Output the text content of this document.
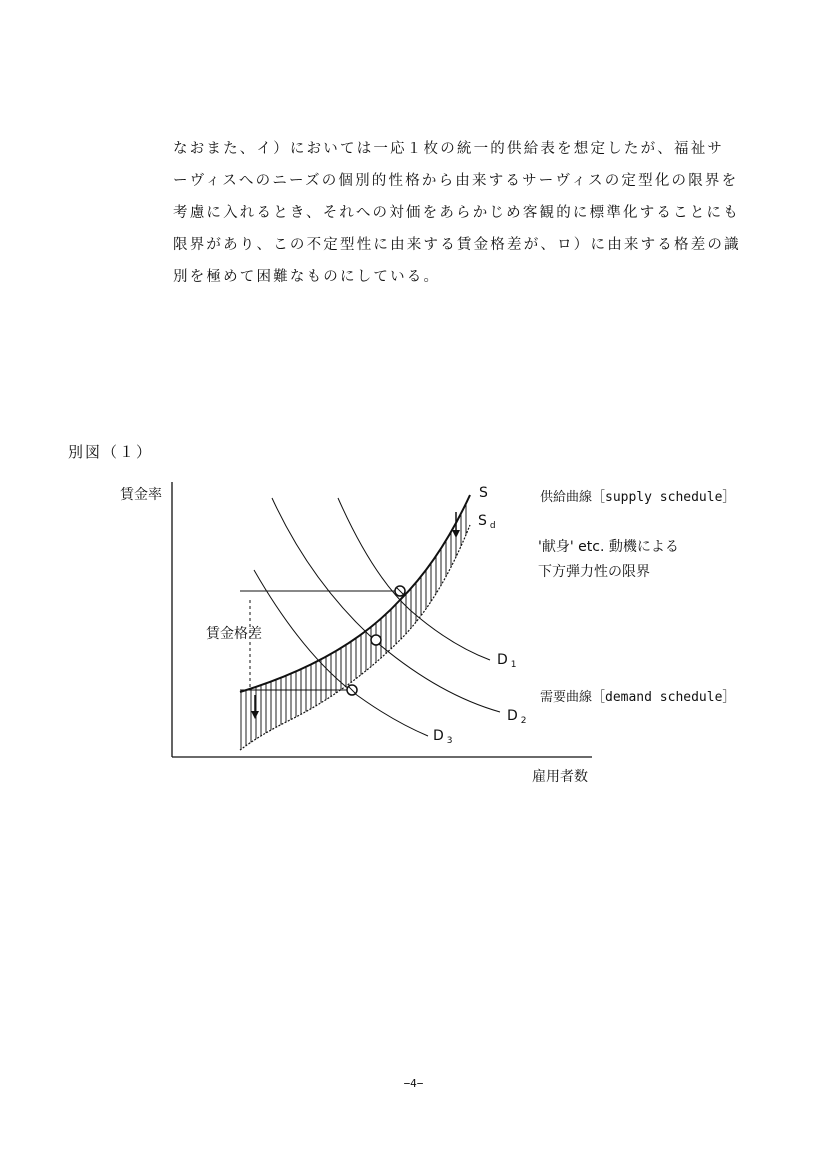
なおまた、イ）においては一応１枚の統一的供給表を想定したが、福祉サ
ーヴィスへのニーズの個別的性格から由来するサーヴィスの定型化の限界を
考慮に入れるとき、それへの対価をあらかじめ客観的に標準化することにも
限界があり、この不定型性に由来する賃金格差が、ロ）に由来する格差の識
別を極めて困難なものにしている。
別図（１）
賃金率
雇用者数
賃金格差
S
S $_d$
D $_1$
D $_2$
D $_3$
供給曲線［supply schedule］
'献身' etc. 動機による
下方弾力性の限界
需要曲線［demand schedule］
−4−
